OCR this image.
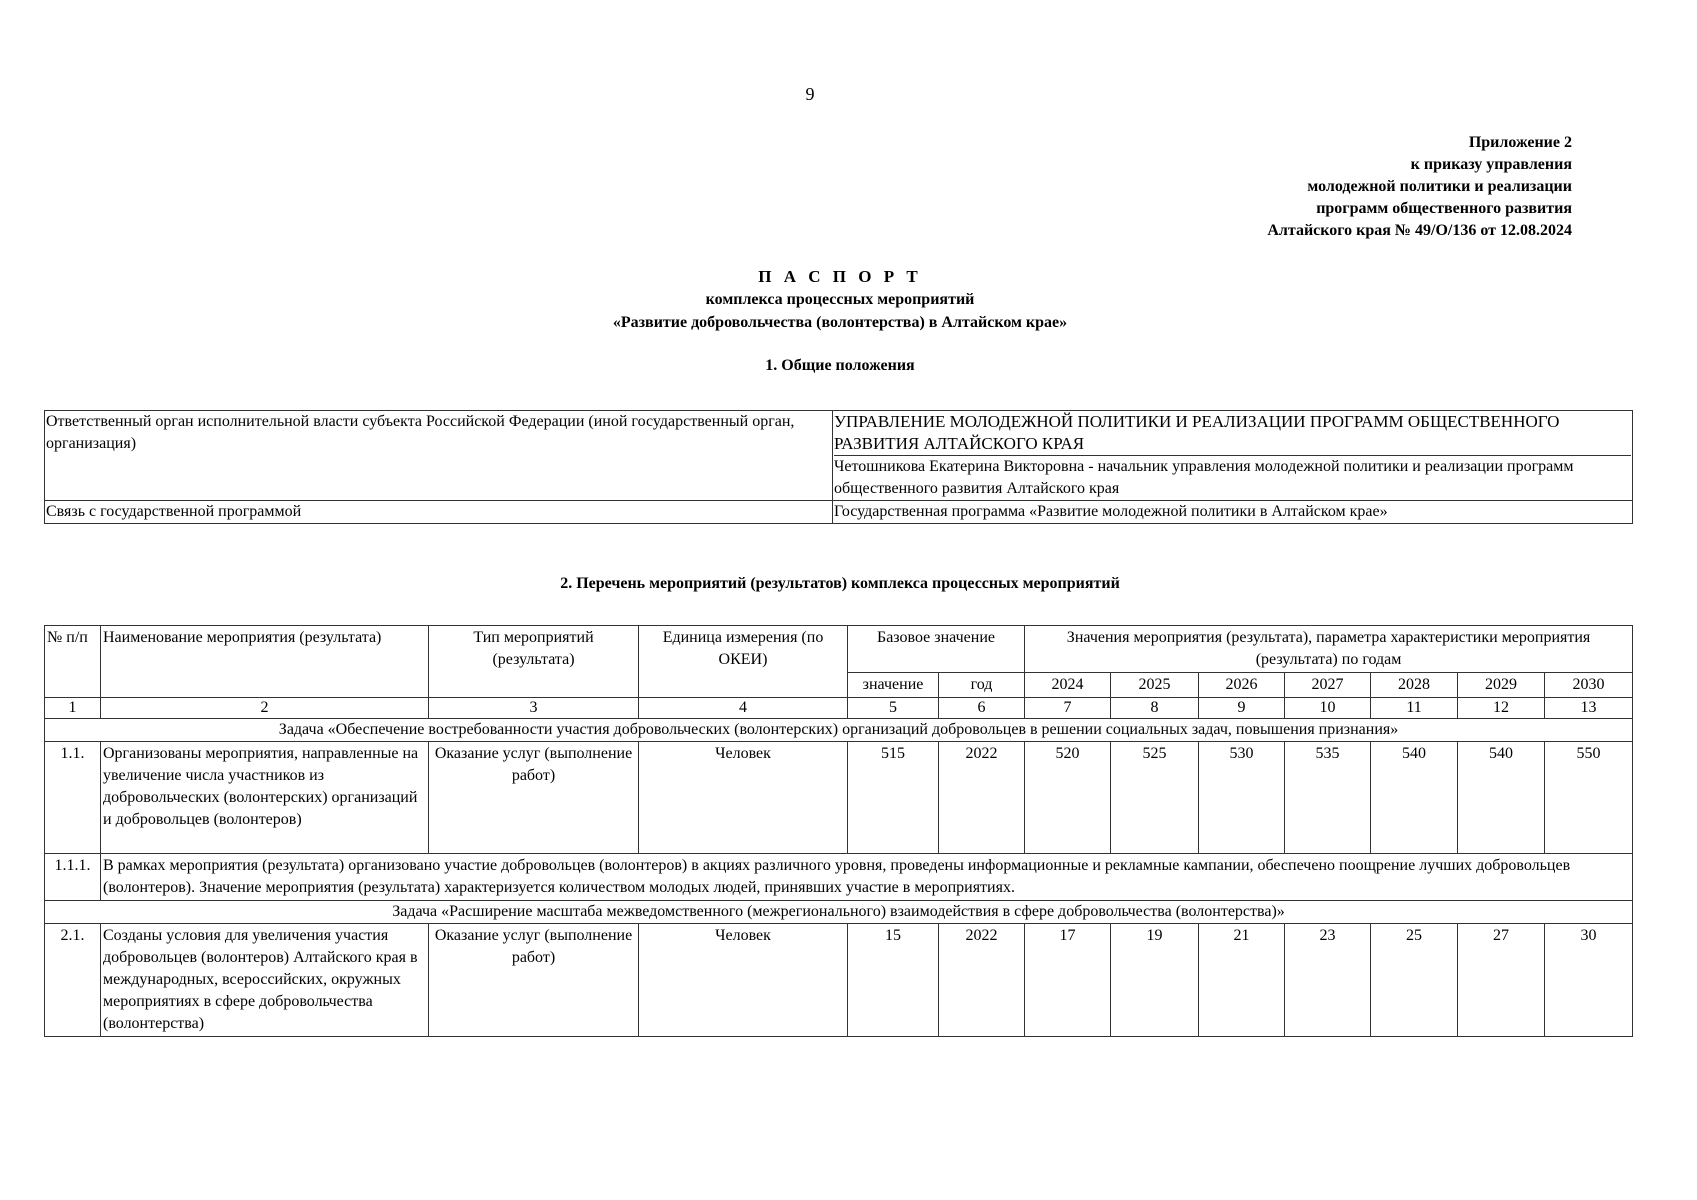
9
Приложение 2
к приказу управления
молодежной политики и реализации
программ общественного развития
Алтайского края № 49/О/136 от 12.08.2024
П А С П О Р Т
комплекса процессных мероприятий
«Развитие добровольчества (волонтерства) в Алтайском крае»
1. Общие положения
Ответственный орган исполнительной власти субъекта Российской Федерации (иной государственный орган, организация)	УПРАВЛЕНИЕ МОЛОДЕЖНОЙ ПОЛИТИКИ И РЕАЛИЗАЦИИ ПРОГРАММ ОБЩЕСТВЕННОГО РАЗВИТИЯ АЛТАЙСКОГО КРАЯ
Четошникова Екатерина Викторовна - начальник управления молодежной политики и реализации программ общественного развития Алтайского края

Связь с государственной программой	Государственная программа «Развитие молодежной политики в Алтайском крае»
2. Перечень мероприятий (результатов) комплекса процессных мероприятий
№ п/п	Наименование мероприятия (результата)	Тип мероприятий (результата)	Единица измерения (по ОКЕИ)	Базовое значение		Значения мероприятия (результата), параметра характеристики мероприятия (результата) по годам						
				значение	год	2024	2025	2026	2027	2028	2029	2030
1	2	3	4	5	6	7	8	9	10	11	12	13
Задача «Обеспечение востребованности участия добровольческих (волонтерских) организаций добровольцев в решении социальных задач, повышения признания»												
1.1.	Организованы мероприятия, направленные на увеличение числа участников из добровольческих (волонтерских) организаций и добровольцев (волонтеров)	Оказание услуг (выполнение работ)	Человек	515	2022	520	525	530	535	540	540	550
1.1.1.	В рамках мероприятия (результата) организовано участие добровольцев (волонтеров) в акциях различного уровня, проведены информационные и рекламные кампании, обеспечено поощрение лучших добровольцев (волонтеров). Значение мероприятия (результата) характеризуется количеством молодых людей, принявших участие в мероприятиях.											
Задача «Расширение масштаба межведомственного (межрегионального) взаимодействия в сфере добровольчества (волонтерства)»												
2.1.	Созданы условия для увеличения участия добровольцев (волонтеров) Алтайского края в международных, всероссийских, окружных мероприятиях в сфере добровольчества (волонтерства)	Оказание услуг (выполнение работ)	Человек	15	2022	17	19	21	23	25	27	30
